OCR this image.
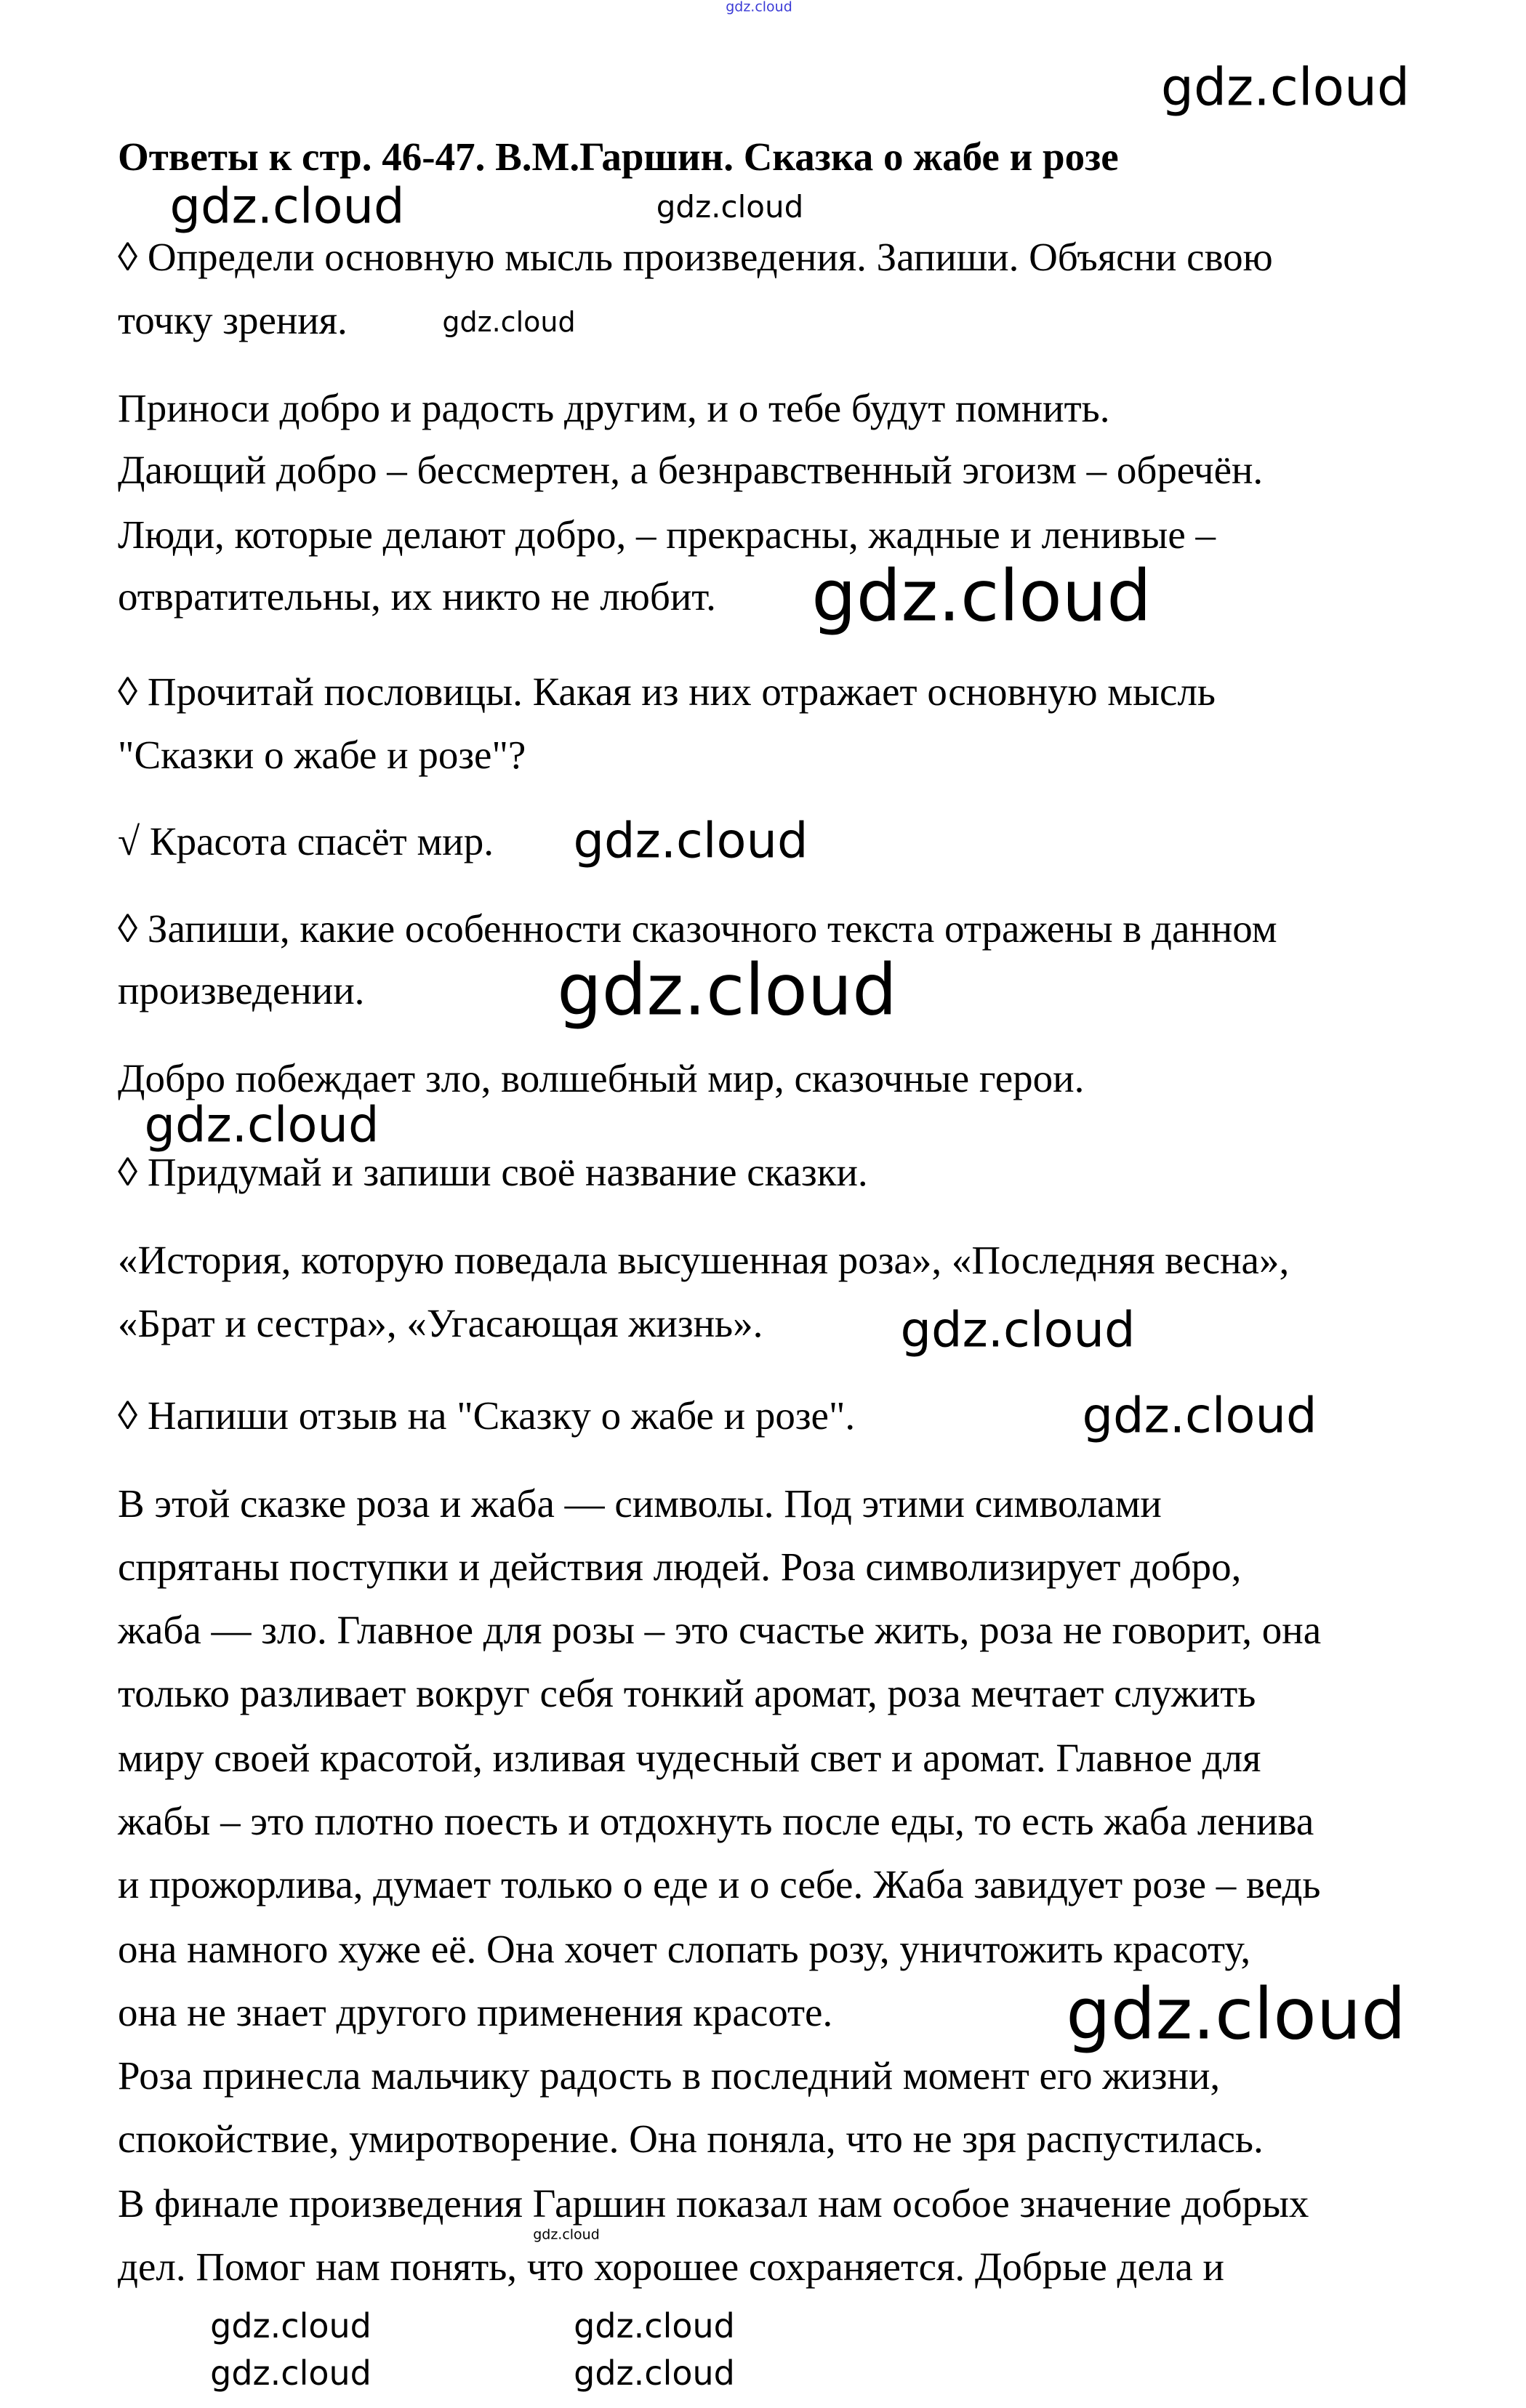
Ответы к стр. 46-47. В.М.Гаршин. Сказка о жабе и розе
◊ Определи основную мысль произведения. Запиши. Объясни свою
точку зрения.
Приноси добро и радость другим, и о тебе будут помнить.
Дающий добро – бессмертен, а безнравственный эгоизм – обречён.
Люди, которые делают добро, – прекрасны, жадные и ленивые –
отвратительны, их никто не любит.
◊ Прочитай пословицы. Какая из них отражает основную мысль
"Сказки о жабе и розе"?
√ Красота спасёт мир.
◊ Запиши, какие особенности сказочного текста отражены в данном
произведении.
Добро побеждает зло, волшебный мир, сказочные герои.
◊ Придумай и запиши своё название сказки.
«История, которую поведала высушенная роза», «Последняя весна»,
«Брат и сестра», «Угасающая жизнь».
◊ Напиши отзыв на "Сказку о жабе и розе".
В этой сказке роза и жаба — символы. Под этими символами
спрятаны поступки и действия людей. Роза символизирует добро,
жаба — зло. Главное для розы – это счастье жить, роза не говорит, она
только разливает вокруг себя тонкий аромат, роза мечтает служить
миру своей красотой, изливая чудесный свет и аромат. Главное для
жабы – это плотно поесть и отдохнуть после еды, то есть жаба ленива
и прожорлива, думает только о еде и о себе. Жаба завидует розе – ведь
она намного хуже её. Она хочет слопать розу, уничтожить красоту,
она не знает другого применения красоте.
Роза принесла мальчику радость в последний момент его жизни,
спокойствие, умиротворение. Она поняла, что не зря распустилась.
В финале произведения Гаршин показал нам особое значение добрых
дел. Помог нам понять, что хорошее сохраняется. Добрые дела и
gdz.cloud
gdz.cloud
gdz.cloud
gdz.cloud
gdz.cloud
gdz.cloud
gdz.cloud
gdz.cloud
gdz.cloud
gdz.cloud
gdz.cloud
gdz.cloud
gdz.cloud	gdz.cloud
gdz.cloud	gdz.cloud
gdz.cloud
